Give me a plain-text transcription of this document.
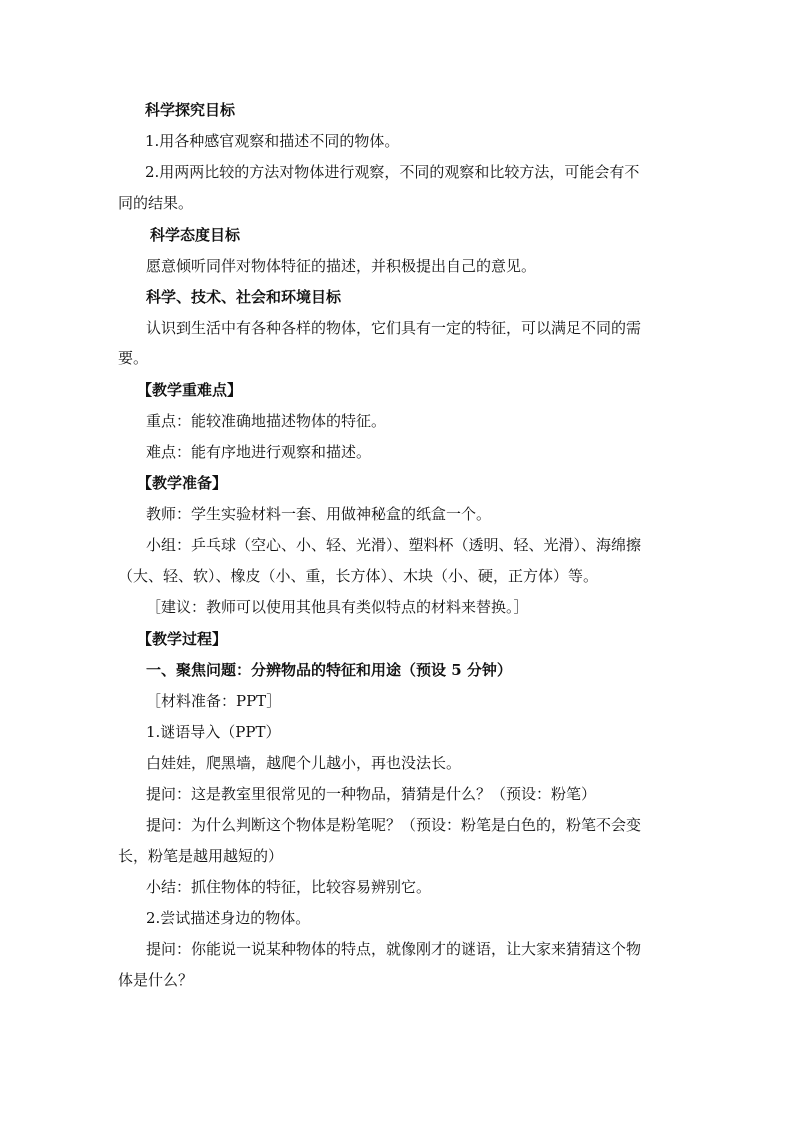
科学探究目标
1.用各种感官观察和描述不同的物体。
2.用两两比较的方法对物体进行观察，不同的观察和比较方法，可能会有不
同的结果。
科学态度目标
愿意倾听同伴对物体特征的描述，并积极提出自己的意见。
科学、技术、社会和环境目标
认识到生活中有各种各样的物体，它们具有一定的特征，可以满足不同的需
要。
【教学重难点】
重点：能较准确地描述物体的特征。
难点：能有序地进行观察和描述。
【教学准备】
教师：学生实验材料一套、用做神秘盒的纸盒一个。
小组：乒乓球（空心、小、轻、光滑）、塑料杯（透明、轻、光滑）、海绵擦
（大、轻、软）、橡皮（小、重，长方体）、木块（小、硬，正方体）等。
［建议：教师可以使用其他具有类似特点的材料来替换。］
【教学过程】
一、聚焦问题：分辨物品的特征和用途（预设 5 分钟）
［材料准备：PPT］
1.谜语导入（PPT）
白娃娃，爬黑墙，越爬个儿越小，再也没法长。
提问：这是教室里很常见的一种物品，猜猜是什么？（预设：粉笔）
提问：为什么判断这个物体是粉笔呢？（预设：粉笔是白色的，粉笔不会变
长，粉笔是越用越短的）
小结：抓住物体的特征，比较容易辨别它。
2.尝试描述身边的物体。
提问：你能说一说某种物体的特点，就像刚才的谜语，让大家来猜猜这个物
体是什么？
